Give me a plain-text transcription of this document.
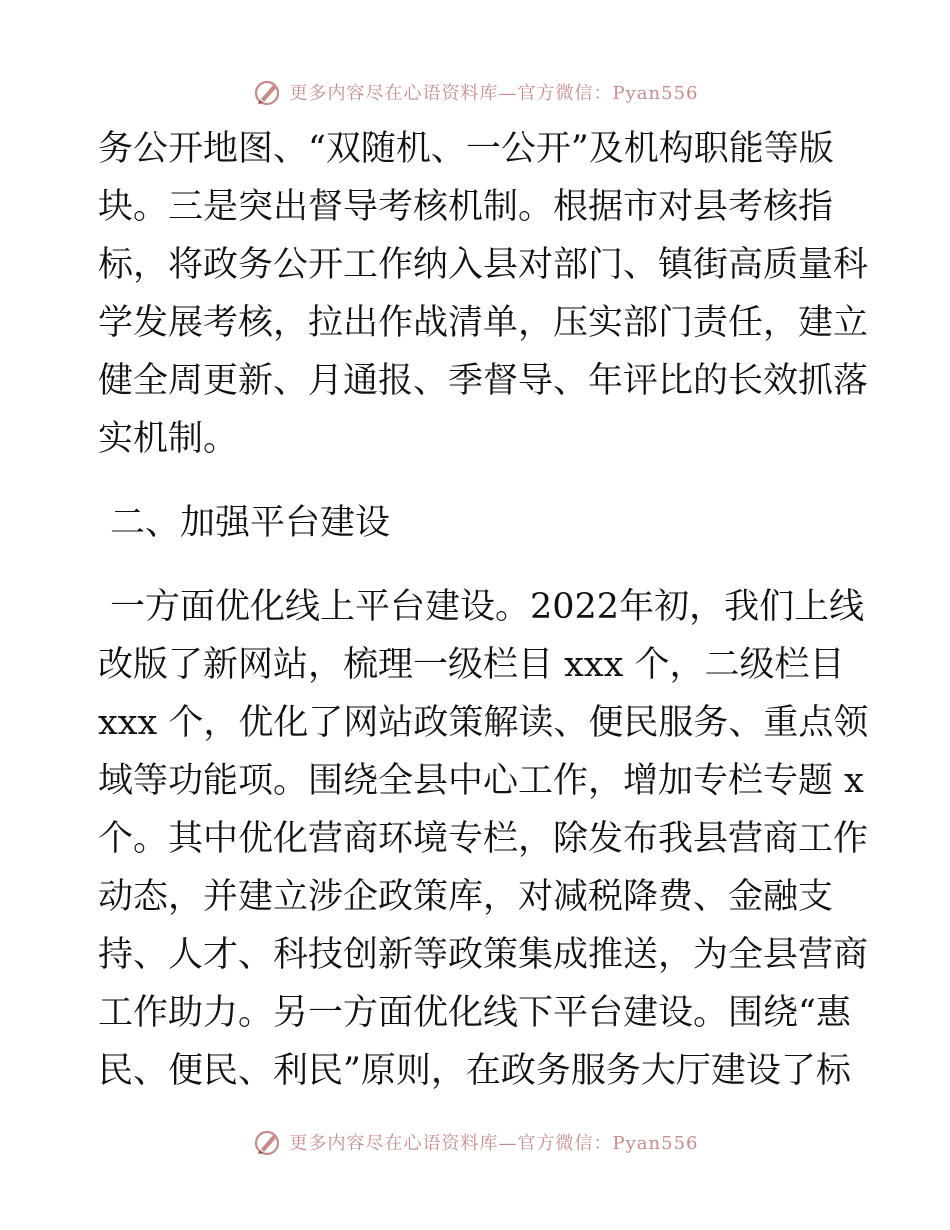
更多内容尽在心语资料库—官方微信：Pyan556
务公开地图、“双随机、一公开”及机构职能等版
块。三是突出督导考核机制。根据市对县考核指
标，将政务公开工作纳入县对部门、镇街高质量科
学发展考核，拉出作战清单，压实部门责任，建立
健全周更新、月通报、季督导、年评比的长效抓落
实机制。
二、加强平台建设
一方面优化线上平台建设。2022年初，我们上线
改版了新网站，梳理一级栏目 xxx 个，二级栏目
xxx 个，优化了网站政策解读、便民服务、重点领
域等功能项。围绕全县中心工作，增加专栏专题 x
个。其中优化营商环境专栏，除发布我县营商工作
动态，并建立涉企政策库，对减税降费、金融支
持、人才、科技创新等政策集成推送，为全县营商
工作助力。另一方面优化线下平台建设。围绕“惠
民、便民、利民”原则，在政务服务大厅建设了标
更多内容尽在心语资料库—官方微信：Pyan556
